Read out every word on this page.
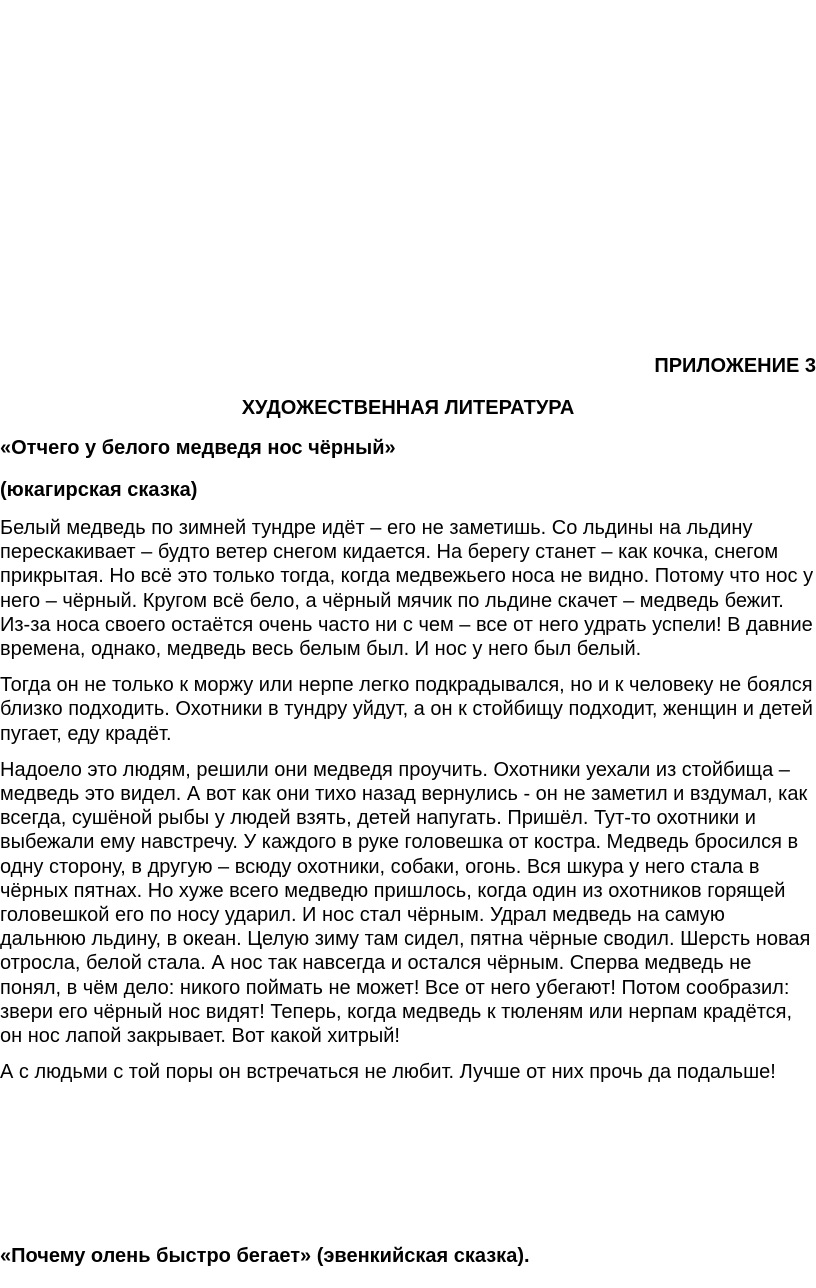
ПРИЛОЖЕНИЕ 3
ХУДОЖЕСТВЕННАЯ ЛИТЕРАТУРА
«Отчего у белого медведя нос чёрный»
(юкагирская сказка)

Белый медведь по зимней тундре идёт – его не заметишь. Со льдины на льдину перескакивает – будто ветер снегом кидается. На берегу станет – как кочка, снегом прикрытая. Но всё это только тогда, когда медвежьего носа не видно. Потому что нос у него – чёрный. Кругом всё бело, а чёрный мячик по льдине скачет – медведь бежит. Из-за носа своего остаётся очень часто ни с чем – все от него удрать успели! В давние времена, однако, медведь весь белым был. И нос у него был белый.

Тогда он не только к моржу или нерпе легко подкрадывался, но и к человеку не боялся близко подходить. Охотники в тундру уйдут, а он к стойбищу подходит, женщин и детей пугает, еду крадёт.

Надоело это людям, решили они медведя проучить. Охотники уехали из стойбища – медведь это видел. А вот как они тихо назад вернулись - он не заметил и вздумал, как всегда, сушёной рыбы у людей взять, детей напугать. Пришёл. Тут-то охотники и выбежали ему навстречу. У каждого в руке головешка от костра. Медведь бросился в одну сторону, в другую – всюду охотники, собаки, огонь. Вся шкура у него стала в чёрных пятнах. Но хуже всего медведю пришлось, когда один из охотников горящей головешкой его по носу ударил. И нос стал чёрным. Удрал медведь на самую дальнюю льдину, в океан. Целую зиму там сидел, пятна чёрные сводил. Шерсть новая отросла, белой стала. А нос так навсегда и остался чёрным. Сперва медведь не понял, в чём дело: никого поймать не может! Все от него убегают! Потом сообразил: звери его чёрный нос видят! Теперь, когда медведь к тюленям или нерпам крадётся, он нос лапой закрывает. Вот какой хитрый!

А с людьми с той поры он встречаться не любит. Лучше от них прочь да подальше!

«Почему олень быстро бегает» (эвенкийская сказка).
